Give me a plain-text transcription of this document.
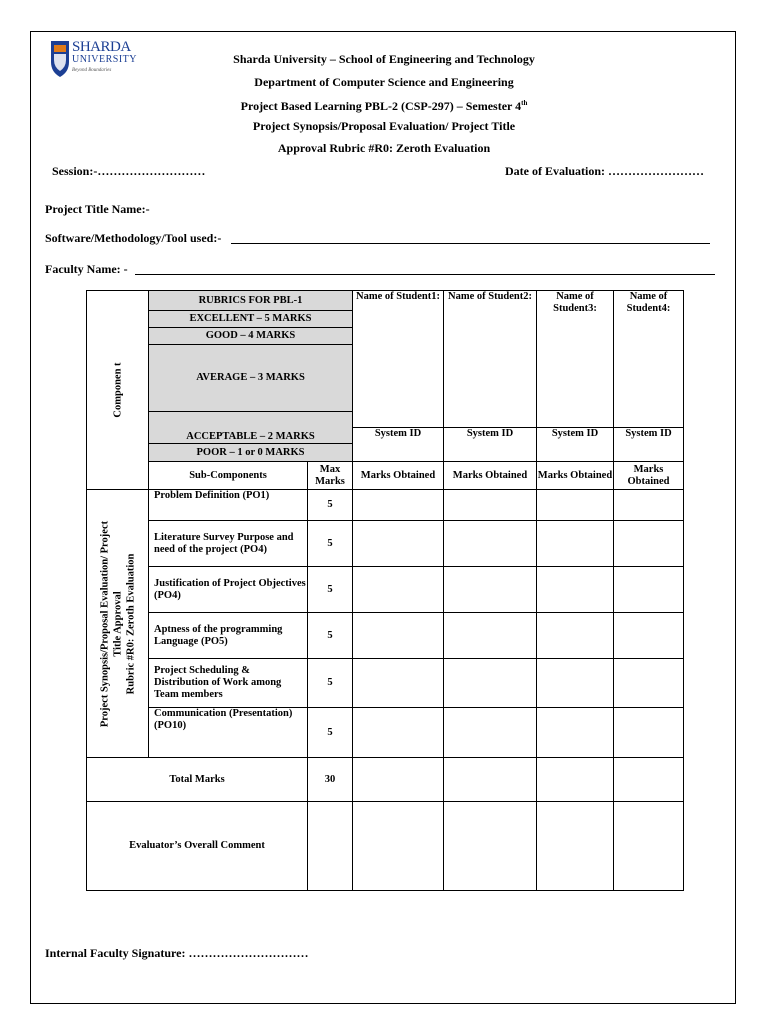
SHARDA
UNIVERSITY
Beyond Boundaries
Sharda University – School of Engineering and Technology
Department of Computer Science and Engineering
Project Based Learning PBL-2 (CSP-297) – Semester 4th
Project Synopsis/Proposal Evaluation/ Project Title
Approval Rubric #R0: Zeroth Evaluation
Session:-………………………	Date of Evaluation: ……………………
Project Title Name:-
Software/Methodology/Tool used:-
Faculty Name: -
Componen t	RUBRICS FOR PBL-1		Name of Student1:	Name of Student2:	Name of Student3:	Name of Student4:
	EXCELLENT – 5 MARKS					
	GOOD – 4 MARKS					
	AVERAGE – 3 MARKS					
	ACCEPTABLE – 2 MARKS					
			System ID	System ID	System ID	System ID
	POOR – 1 or 0 MARKS					
	Sub-Components	Max Marks	Marks Obtained	Marks Obtained	Marks Obtained	Marks Obtained

Project Synopsis/Proposal Evaluation/ Project Title Approval Rubric #R0: Zeroth Evaluation	Problem Definition (PO1)	5				
	Literature Survey Purpose and need of the project (PO4)	5				
	Justification of Project Objectives (PO4)	5				
	Aptness of the programming Language (PO5)	5				
	Project Scheduling & Distribution of Work among Team members	5				
	Communication (Presentation) (PO10)	5				
Total Marks		30				
Evaluator’s Overall Comment						
Internal Faculty Signature: …………………………
